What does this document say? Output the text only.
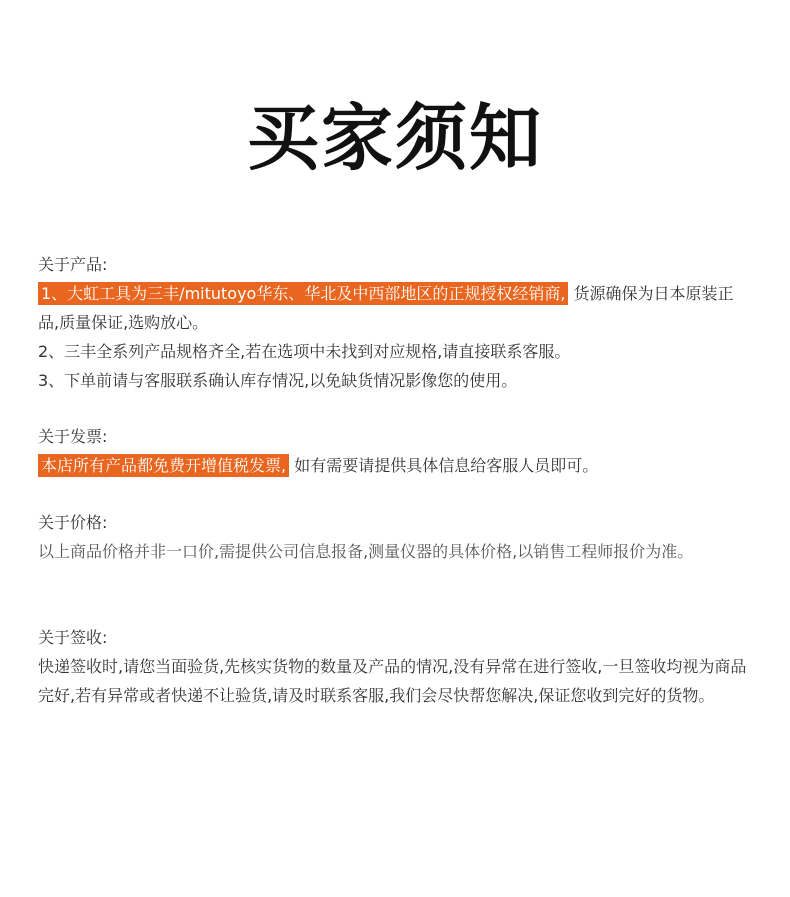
买家须知

关于产品:

1、大虹工具为三丰/mitutoyo华东、华北及中西部地区的正规授权经销商, 货源确保为日本原装正品,质量保证,选购放心。

2、三丰全系列产品规格齐全,若在选项中未找到对应规格,请直接联系客服。

3、下单前请与客服联系确认库存情况,以免缺货情况影像您的使用。

关于发票:

本店所有产品都免费开增值税发票, 如有需要请提供具体信息给客服人员即可。

关于价格:

以上商品价格并非一口价,需提供公司信息报备,测量仪器的具体价格,以销售工程师报价为准。

关于签收:

快递签收时,请您当面验货,先核实货物的数量及产品的情况,没有异常在进行签收,一旦签收均视为商品完好,若有异常或者快递不让验货,请及时联系客服,我们会尽快帮您解决,保证您收到完好的货物。
